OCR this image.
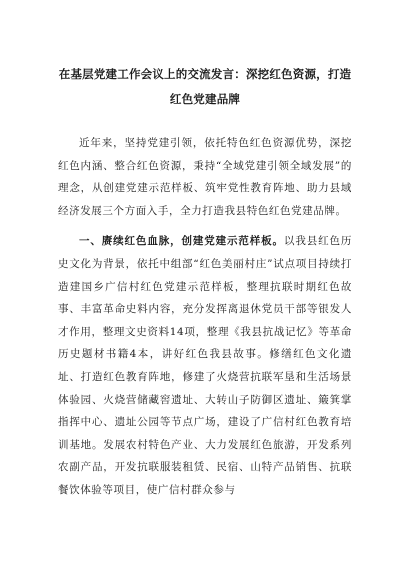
在基层党建工作会议上的交流发言：深挖红色资源，打造
红色党建品牌

近年来，坚持党建引领，依托特色红色资源优势，深挖红色内涵、整合红色资源，秉持“全域党建引领全域发展”的理念，从创建党建示范样板、筑牢党性教育阵地、助力县域经济发展三个方面入手，全力打造我县特色红色党建品牌。

一、赓续红色血脉，创建党建示范样板。以我县红色历史文化为背景，依托中组部“红色美丽村庄”试点项目持续打造建国乡广信村红色党建示范样板，整理抗联时期红色故事、丰富革命史料内容，充分发挥离退休党员干部等银发人才作用，整理文史资料14项，整理《我县抗战记忆》等革命历史题材书籍4本，讲好红色我县故事。修缮红色文化遗址、打造红色教育阵地，修建了火烧营抗联军垦和生活场景体验园、火烧营储藏窖遗址、大转山子防御区遗址、簸箕掌指挥中心、遗址公园等节点广场，建设了广信村红色教育培训基地。发展农村特色产业、大力发展红色旅游，开发系列农副产品，开发抗联服装租赁、民宿、山特产品销售、抗联餐饮体验等项目，使广信村群众参与
